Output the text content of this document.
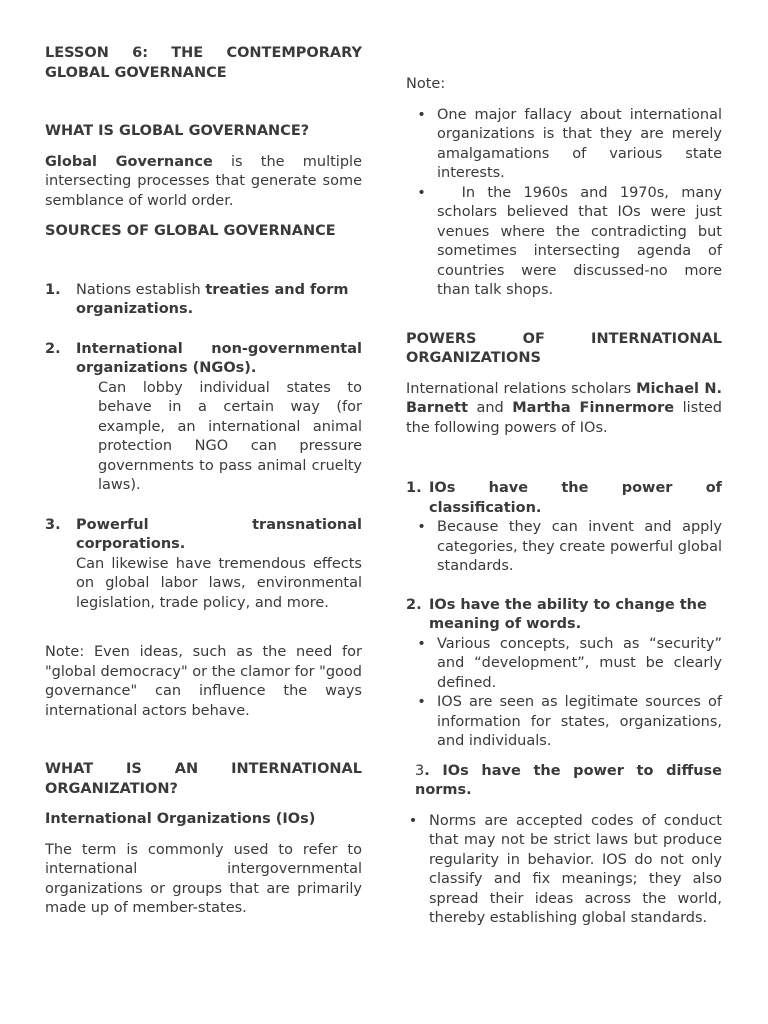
LESSON 6: THE CONTEMPORARY GLOBAL GOVERNANCE

WHAT IS GLOBAL GOVERNANCE?

Global Governance is the multiple intersecting processes that generate some semblance of world order.

SOURCES OF GLOBAL GOVERNANCE

1.	Nations establish treaties and form organizations.
2.	International non-governmental organizations (NGOs).

Can lobby individual states to behave in a certain way (for example, an international animal protection NGO can pressure governments to pass animal cruelty laws).

3.	Powerful transnational corporations.

Can likewise have tremendous effects on global labor laws, environmental legislation, trade policy, and more.

Note: Even ideas, such as the need for "global democracy" or the clamor for "good governance" can influence the ways international actors behave.

WHAT IS AN INTERNATIONAL ORGANIZATION?

International Organizations (IOs)

The term is commonly used to refer to international intergovernmental organizations or groups that are primarily made up of member-states.

Note:

• One major fallacy about international organizations is that they are merely amalgamations of various state interests.
• In the 1960s and 1970s, many scholars believed that IOs were just venues where the contradicting but sometimes intersecting agenda of countries were discussed-no more than talk shops.

POWERS OF INTERNATIONAL ORGANIZATIONS

International relations scholars Michael N. Barnett and Martha Finnermore listed the following powers of IOs.

1. IOs have the power of classification.
• Because they can invent and apply categories, they create powerful global standards.
2. IOs have the ability to change the meaning of words.
• Various concepts, such as “security” and “development”, must be clearly defined.
• IOS are seen as legitimate sources of information for states, organizations, and individuals.

3. IOs have the power to diffuse norms.

• Norms are accepted codes of conduct that may not be strict laws but produce regularity in behavior. IOS do not only classify and fix meanings; they also spread their ideas across the world, thereby establishing global standards.
